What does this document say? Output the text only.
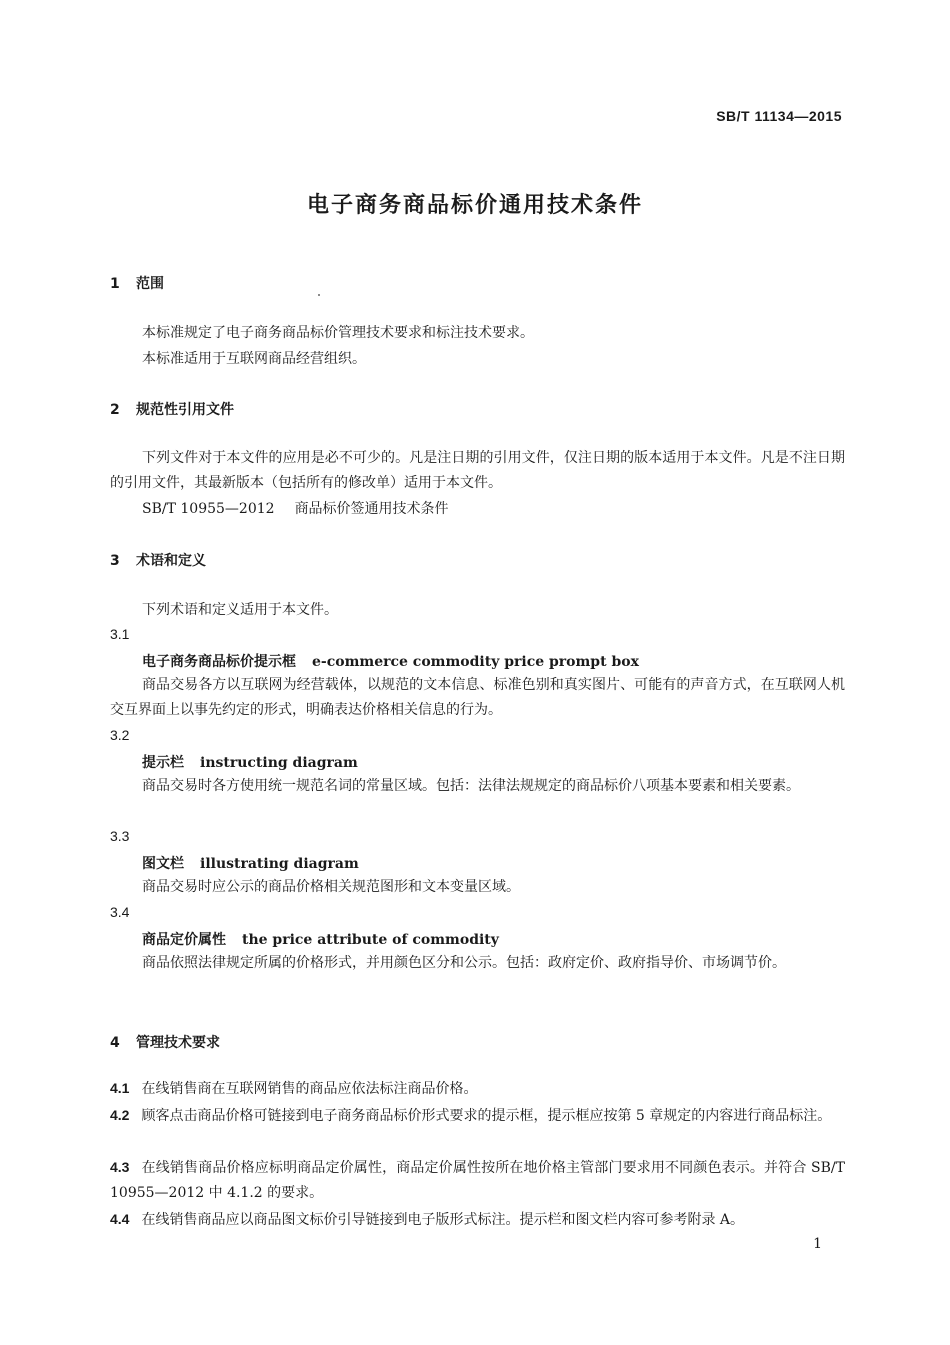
SB/T 11134—2015
电子商务商品标价通用技术条件
1 范围
本标准规定了电子商务商品标价管理技术要求和标注技术要求。
本标准适用于互联网商品经营组织。
2 规范性引用文件
下列文件对于本文件的应用是必不可少的。凡是注日期的引用文件，仅注日期的版本适用于本文件。凡是不注日期的引用文件，其最新版本（包括所有的修改单）适用于本文件。
SB/T 10955—2012 商品标价签通用技术条件
3 术语和定义
下列术语和定义适用于本文件。
3.1
电子商务商品标价提示框 e-commerce commodity price prompt box
商品交易各方以互联网为经营载体，以规范的文本信息、标准色别和真实图片、可能有的声音方式，在互联网人机交互界面上以事先约定的形式，明确表达价格相关信息的行为。
3.2
提示栏 instructing diagram
商品交易时各方使用统一规范名词的常量区域。包括：法律法规规定的商品标价八项基本要素和相关要素。
3.3
图文栏 illustrating diagram
商品交易时应公示的商品价格相关规范图形和文本变量区域。
3.4
商品定价属性 the price attribute of commodity
商品依照法律规定所属的价格形式，并用颜色区分和公示。包括：政府定价、政府指导价、市场调节价。
4 管理技术要求
4.1 在线销售商在互联网销售的商品应依法标注商品价格。
4.2 顾客点击商品价格可链接到电子商务商品标价形式要求的提示框，提示框应按第 5 章规定的内容进行商品标注。
4.3 在线销售商品价格应标明商品定价属性，商品定价属性按所在地价格主管部门要求用不同颜色表示。并符合 SB/T 10955—2012 中 4.1.2 的要求。
4.4 在线销售商品应以商品图文标价引导链接到电子版形式标注。提示栏和图文栏内容可参考附录 A。
1
